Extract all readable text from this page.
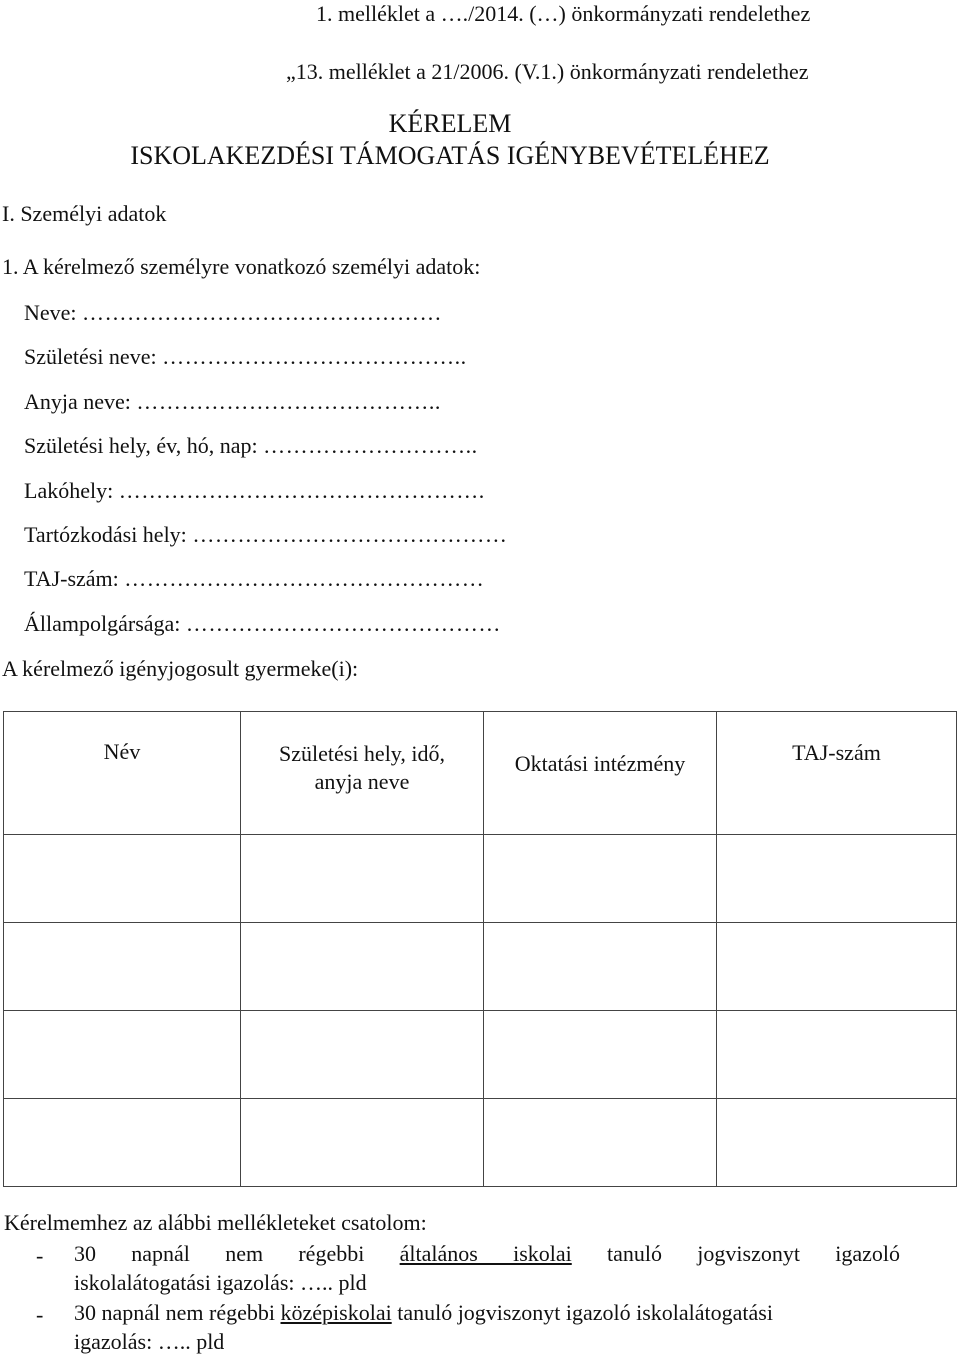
1. melléklet a …./2014. (…) önkormányzati rendelethez
„13. melléklet a 21/2006. (V.1.) önkormányzati rendelethez
KÉRELEM
ISKOLAKEZDÉSI TÁMOGATÁS IGÉNYBEVÉTELÉHEZ
I. Személyi adatok
1. A kérelmező személyre vonatkozó személyi adatok:
Neve: …………………………………………
Születési neve: …………………………………..
Anyja neve: …………………………………..
Születési hely, év, hó, nap: ………………………..
Lakóhely: ………………………………………….
Tartózkodási hely: ……………………………………
TAJ-szám: …………………………………………
Állampolgársága: ……………………………………
A kérelmező igényjogosult gyermeke(i):
Név	Születési hely, idő, anyja neve	Oktatási intézmény	TAJ-szám

Kérelmemhez az alábbi mellékleteket csatolom:
- 30 napnál nem régebbi általános iskolai tanuló jogviszonyt igazoló
iskolalátogatási igazolás: ….. pld
- 30 napnál nem régebbi középiskolai tanuló jogviszonyt igazoló iskolalátogatási
igazolás: ….. pld
